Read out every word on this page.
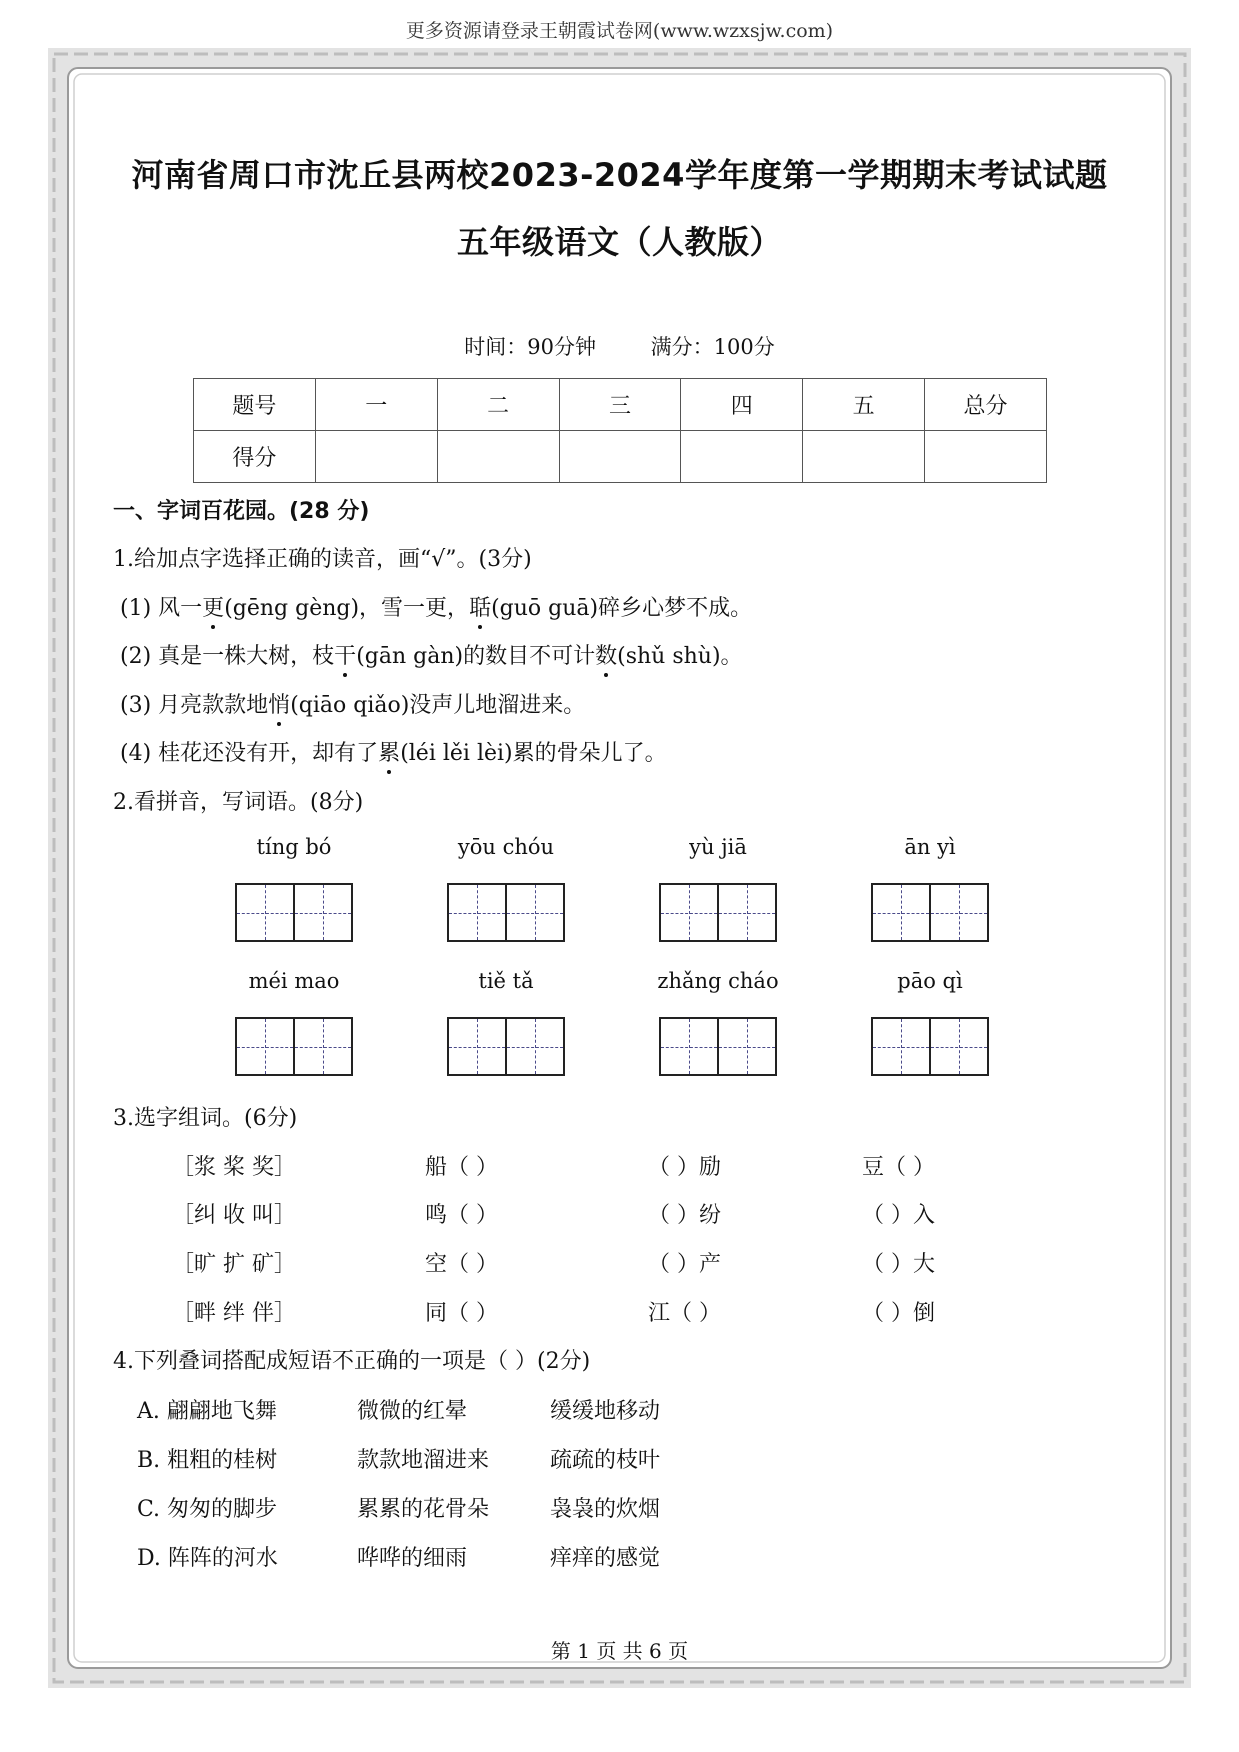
更多资源请登录王朝霞试卷网(www.wzxsjw.com)
河南省周口市沈丘县两校2023-2024学年度第一学期期末考试试题
五年级语文（人教版）
时间：90分钟	满分：100分
题号	一	二	三	四	五	总分
得分						
一、字词百花园。(28 分)
1.给加点字选择正确的读音，画“√”。(3分)
(1) 风一更(gēng gèng)，雪一更，聒(guō guā)碎乡心梦不成。
(2) 真是一株大树，枝干(gān gàn)的数目不可计数(shǔ shù)。
(3) 月亮款款地悄(qiāo qiǎo)没声儿地溜进来。
(4) 桂花还没有开，却有了累(léi lěi lèi)累的骨朵儿了。
2.看拼音，写词语。(8分)
tíng bó	yōu chóu	yù jiā	ān yì
méi mao	tiě tǎ	zhǎng cháo	pāo qì
3.选字组词。(6分)
［浆 桨 奖］	船（ ）	（ ）励	豆（ ）
［纠 收 叫］	鸣（ ）	（ ）纷	（ ）入
［旷 扩 矿］	空（ ）	（ ）产	（ ）大
［畔 绊 伴］	同（ ）	江（ ）	（ ）倒
4.下列叠词搭配成短语不正确的一项是（ ）(2分)
A. 翩翩地飞舞	微微的红晕	缓缓地移动
B. 粗粗的桂树	款款地溜进来	疏疏的枝叶
C. 匆匆的脚步	累累的花骨朵	袅袅的炊烟
D. 阵阵的河水	哗哗的细雨	痒痒的感觉
第 1 页 共 6 页
